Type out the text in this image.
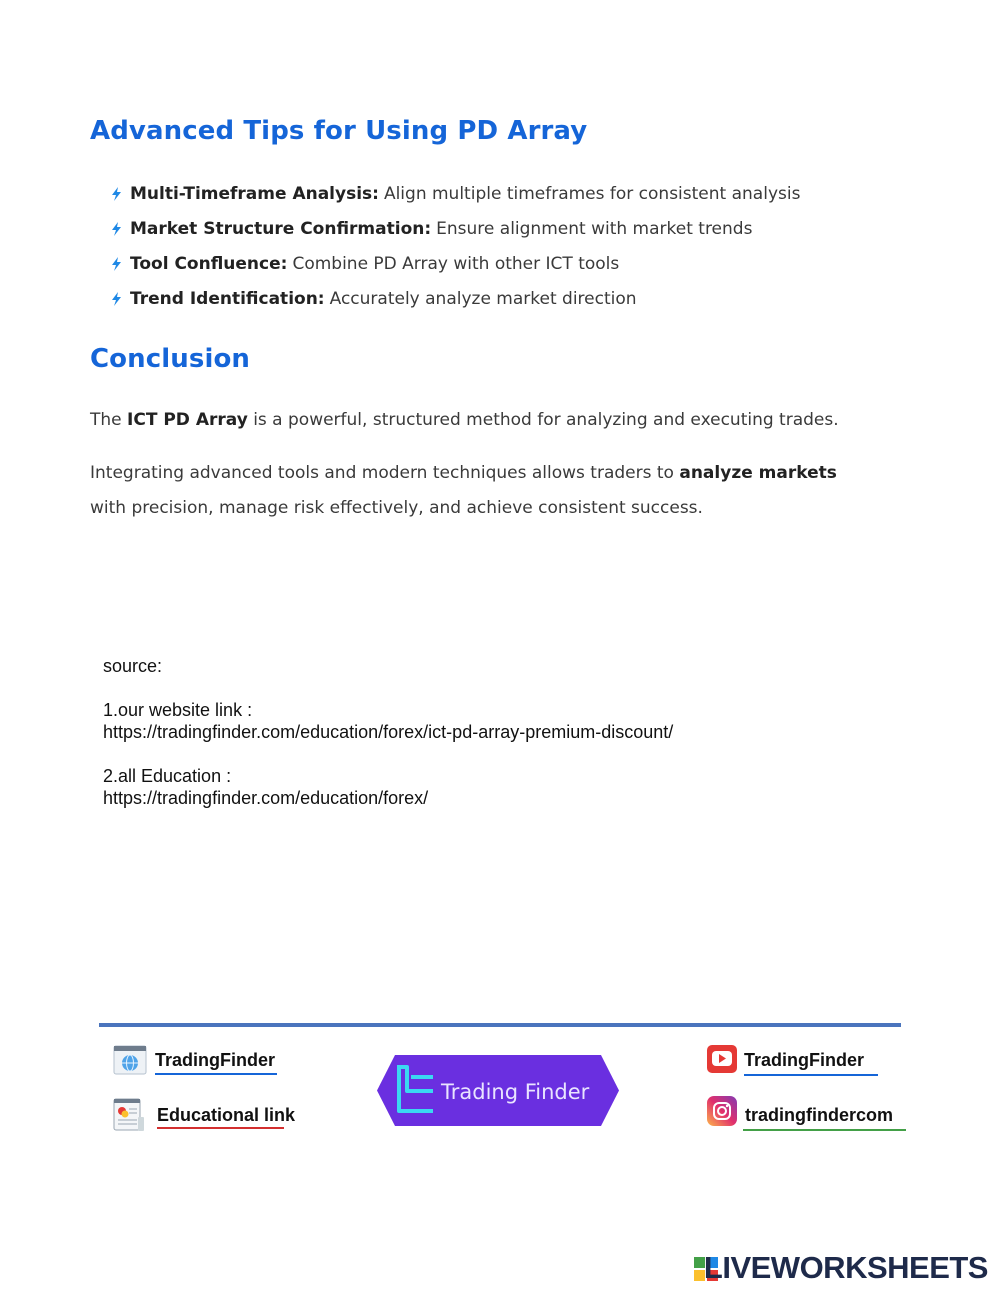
Advanced Tips for Using PD Array
Multi-Timeframe Analysis: Align multiple timeframes for consistent analysis
Market Structure Confirmation: Ensure alignment with market trends
Tool Confluence: Combine PD Array with other ICT tools
Trend Identification: Accurately analyze market direction
Conclusion
The ICT PD Array is a powerful, structured method for analyzing and executing trades.
Integrating advanced tools and modern techniques allows traders to analyze markets
with precision, manage risk effectively, and achieve consistent success.
source:
1.our website link :
https://tradingfinder.com/education/forex/ict-pd-array-premium-discount/
2.all Education :
https://tradingfinder.com/education/forex/
TradingFinder
Educational link
Trading Finder
TradingFinder
tradingfindercom
LIVEWORKSHEETS
